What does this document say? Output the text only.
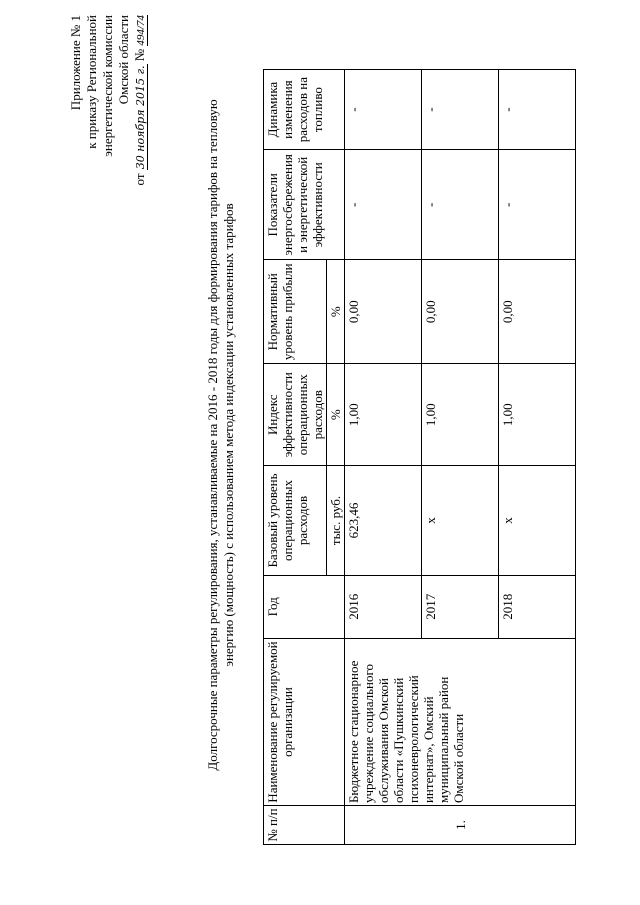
Приложение № 1 к приказу Региональной энергетической комиссии Омской области
от 30 ноября 2015 г. № 494/74
Долгосрочные параметры регулирования, устанавливаемые на 2016 - 2018 годы для формирования тарифов на тепловую энергию (мощность) с использованием метода индексации установленных тарифов
№ п/п	Наименование регулируемой организации	Год	Базовый уровень операционных расходов	Индекс эффективности операционных расходов	Нормативный уровень прибыли	Показатели энергосбережения и энергетической эффективности	Динамика изменения расходов на топливо
			тыс. руб.	%	%		
1.	Бюджетное стационарное учреждение социального обслуживания Омской области «Пушкинский психоневрологический интернат», Омский муниципальный район Омской области	2016	623,46	1,00	0,00	-	-
		2017	х	1,00	0,00	-	-
		2018	х	1,00	0,00	-	-
